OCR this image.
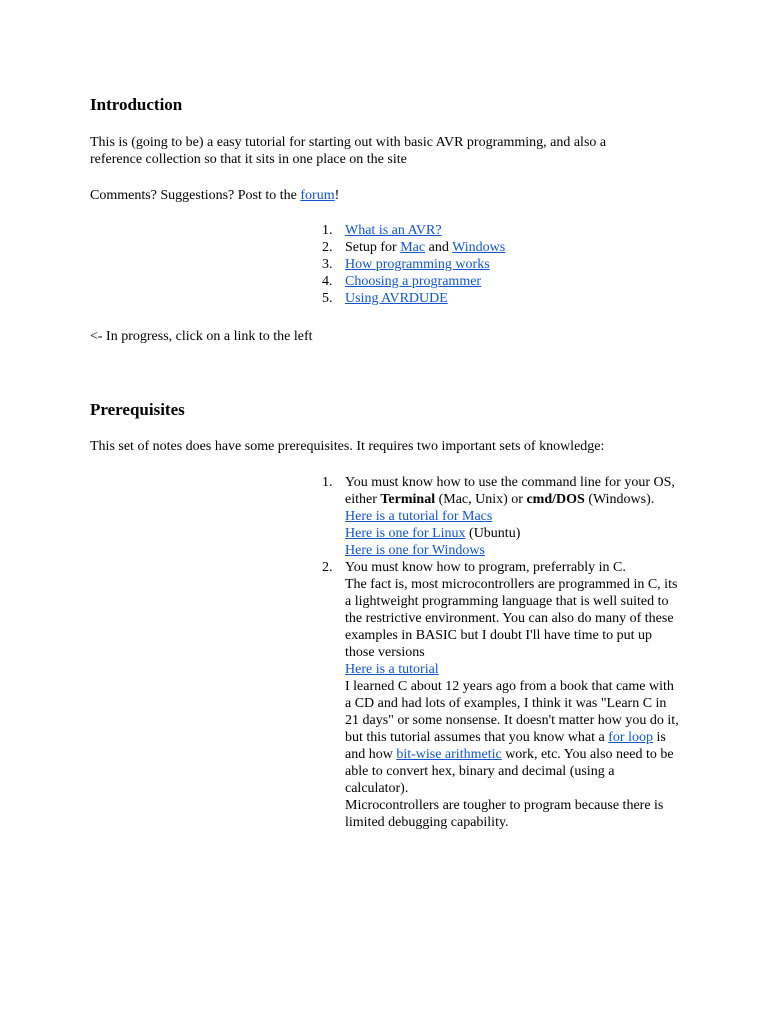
Introduction

This is (going to be) a easy tutorial for starting out with basic AVR programming, and also a reference collection so that it sits in one place on the site

Comments? Suggestions? Post to the forum!

1. What is an AVR?
2. Setup for Mac and Windows
3. How programming works
4. Choosing a programmer
5. Using AVRDUDE

<- In progress, click on a link to the left

Prerequisites

This set of notes does have some prerequisites. It requires two important sets of knowledge:

1. You must know how to use the command line for your OS, either Terminal (Mac, Unix) or cmd/DOS (Windows).
Here is a tutorial for Macs
Here is one for Linux (Ubuntu)
Here is one for Windows
2. You must know how to program, preferrably in C.
The fact is, most microcontrollers are programmed in C, its a lightweight programming language that is well suited to the restrictive environment. You can also do many of these examples in BASIC but I doubt I'll have time to put up those versions
Here is a tutorial
I learned C about 12 years ago from a book that came with a CD and had lots of examples, I think it was "Learn C in 21 days" or some nonsense. It doesn't matter how you do it, but this tutorial assumes that you know what a for loop is and how bit-wise arithmetic work, etc. You also need to be able to convert hex, binary and decimal (using a calculator).
Microcontrollers are tougher to program because there is limited debugging capability.
